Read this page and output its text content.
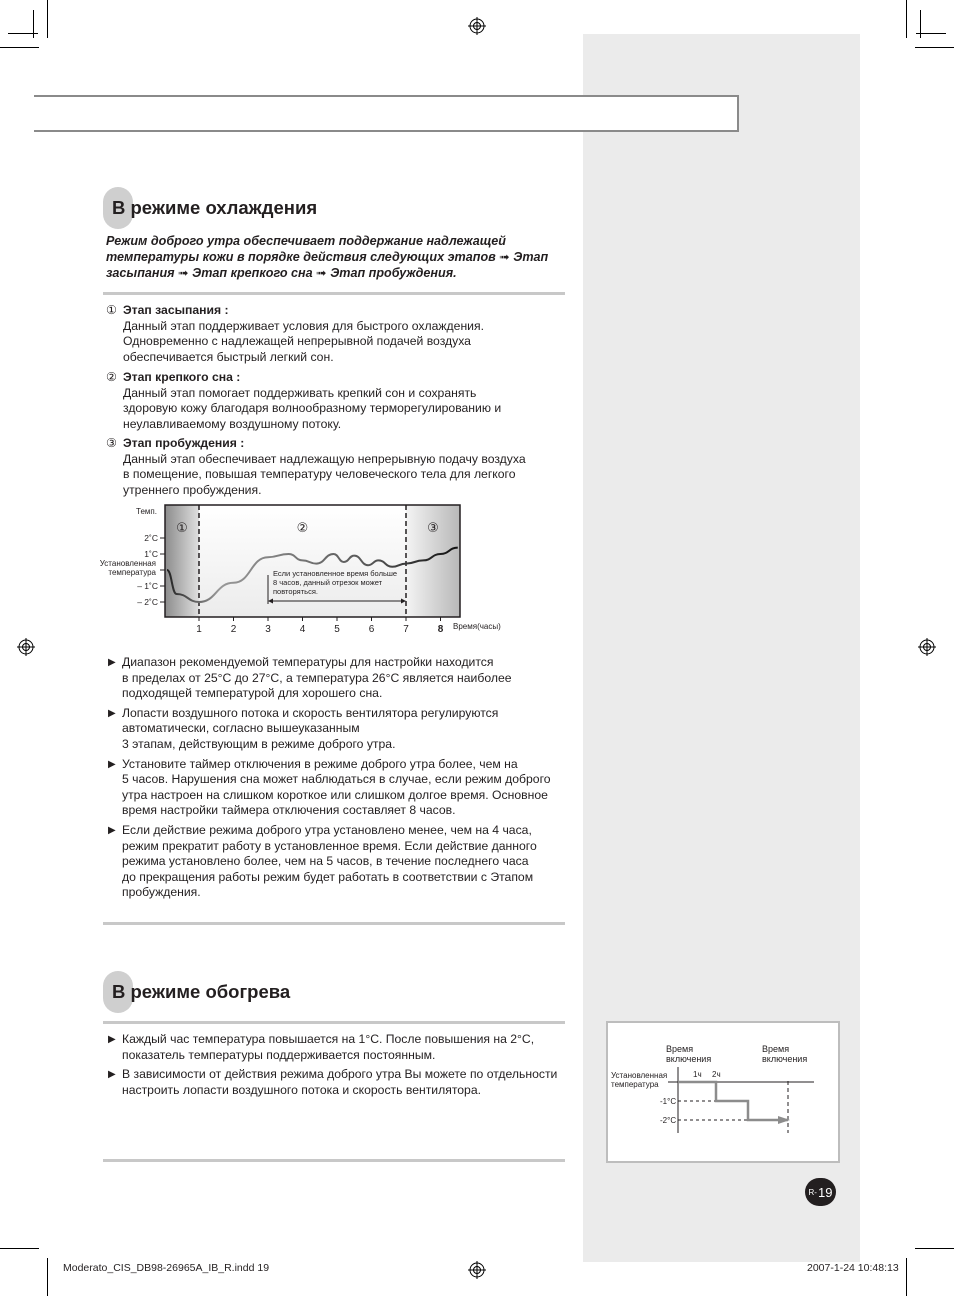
В режиме охлаждения
Режим доброго утра обеспечивает поддержание надлежащей температуры кожи в порядке действия следующих этапов ➟ Этап засыпания ➟ Этап крепкого сна ➟ Этап пробуждения.
① Этап засыпания :
Данный этап поддерживает условия для быстрого охлаждения.
Одновременно с надлежащей непрерывной подачей воздуха
обеспечивается быстрый легкий сон.
② Этап крепкого сна :
Данный этап помогает поддерживать крепкий сон и сохранять
здоровую кожу благодаря волнообразному терморегулированию и
неулавливаемому воздушному потоку.
③ Этап пробуждения :
Данный этап обеспечивает надлежащую непрерывную подачу воздуха
в помещение, повышая температуру человеческого тела для легкого
утреннего пробуждения.
①	②	③
Темп.
2˚C
1˚C
Установленная температура
– 1˚C
– 2˚C
1	2	3	4	5	6	7	8 Время(часы)
Если установленное время больше 8 часов, данный отрезок может повторяться.
▶ Диапазон рекомендуемой температуры для настройки находится
в пределах от 25°C до 27°C, а температура 26°C является наиболее
подходящей температурой для хорошего сна.
▶ Лопасти воздушного потока и скорость вентилятора регулируются
автоматически, согласно вышеуказанным
3 этапам, действующим в режиме доброго утра.
▶ Установите таймер отключения в режиме доброго утра более, чем на
5 часов. Нарушения сна может наблюдаться в случае, если режим доброго
утра настроен на слишком короткое или слишком долгое время. Основное
время настройки таймера отключения составляет 8 часов.
▶ Если действие режима доброго утра установлено менее, чем на 4 часа,
режим прекратит работу в установленное время. Если действие данного
режима установлено более, чем на 5 часов, в течение последнего часа
до прекращения работы режим будет работать в соответствии с Этапом
пробуждения.
В режиме обогрева
▶ Каждый час температура повышается на 1°C. После повышения на 2°C,
показатель температуры поддерживается постоянным.
▶ В зависимости от действия режима доброго утра Вы можете по отдельности
настроить лопасти воздушного потока и скорость вентилятора.
Время включения
Время включения
1ч 2ч
Установленная температура
-1°C
-2°C
R- 19
Moderato_CIS_DB98-26965A_IB_R.indd 19	2007-1-24 10:48:13
